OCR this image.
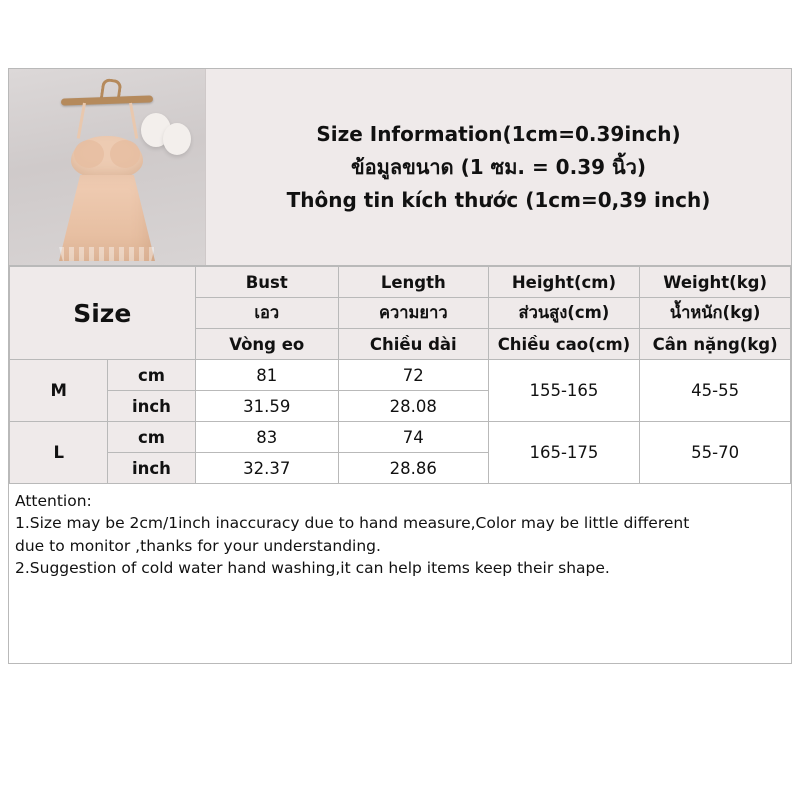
Size Information(1cm=0.39inch)
ข้อมูลขนาด (1 ซม. = 0.39 นิ้ว)
Thông tin kích thước (1cm=0,39 inch)
Size		Bust	Length	Height(cm)	Weight(kg)
		เอว	ความยาว	ส่วนสูง(cm)	น้ำหนัก(kg)
		Vòng eo	Chiều dài	Chiều cao(cm)	Cân nặng(kg)
M	cm	81	72	155-165	45-55
	inch	31.59	28.08		
L	cm	83	74	165-175	55-70
	inch	32.37	28.86		

Attention:

1.Size may be 2cm/1inch inaccuracy due to hand measure,Color may be little different

due to monitor ,thanks for your understanding.

2.Suggestion of cold water hand washing,it can help items keep their shape.
